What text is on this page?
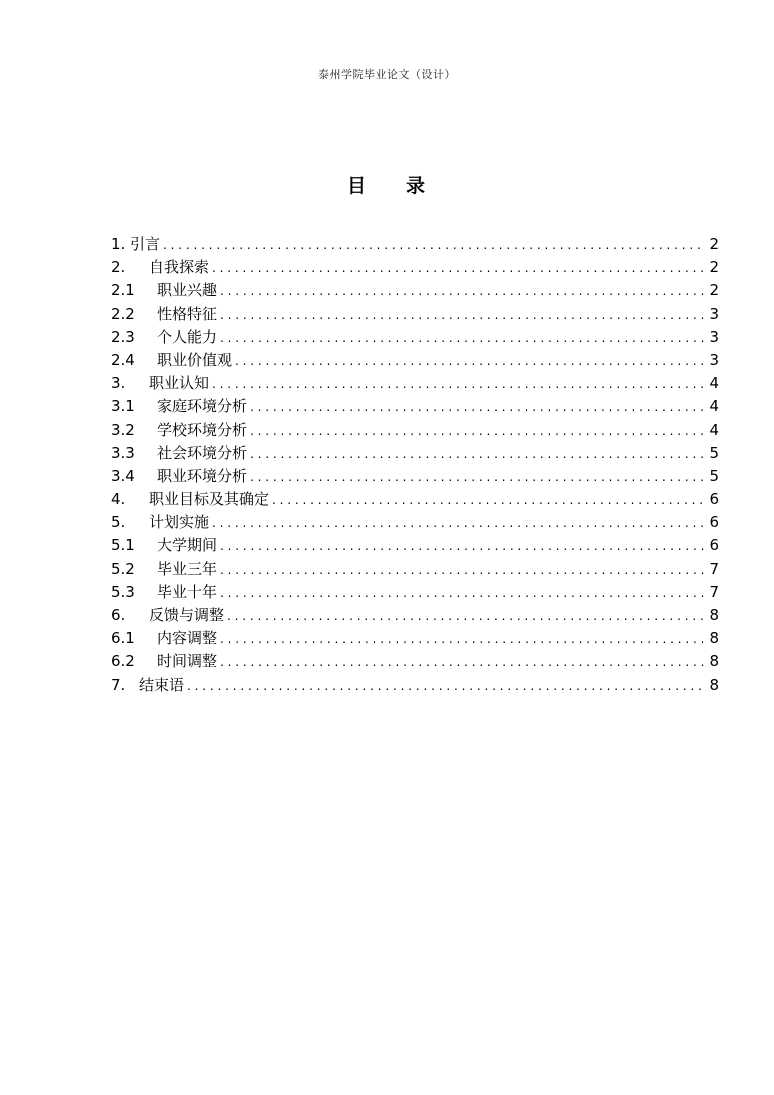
泰州学院毕业论文（设计）
目 录
1. 引言 . . .	2
2.	自我探索 . . .	2
2.1	职业兴趣 . . .	2
2.2	性格特征 . . .	3
2.3	个人能力 . . .	3
2.4	职业价值观 . . .	3
3.	职业认知 . . .	4
3.1	家庭环境分析 . . .	4
3.2	学校环境分析 . . .	4
3.3	社会环境分析 . . .	5
3.4	职业环境分析 . . .	5
4.	职业目标及其确定 . . .	6
5.	计划实施 . . .	6
5.1	大学期间 . . .	6
5.2	毕业三年 . . .	7
5.3	毕业十年 . . .	7
6.	反馈与调整 . . .	8
6.1	内容调整 . . .	8
6.2	时间调整 . . .	8
7. 结束语 . . .	8
